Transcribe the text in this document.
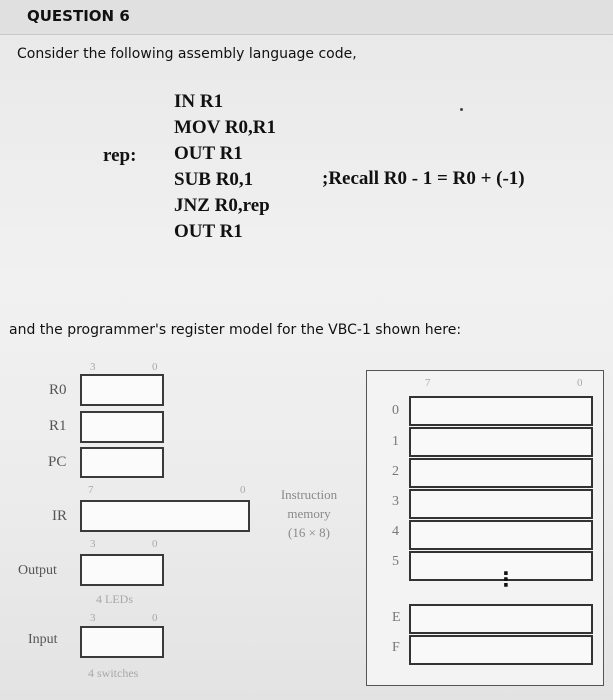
QUESTION 6
Consider the following assembly language code,
rep:
IN R1
MOV R0,R1
OUT R1
SUB R0,1
JNZ R0,rep
OUT R1
;Recall R0 - 1 = R0 + (-1)
and the programmer's register model for the VBC-1 shown here:
3	0
R0
R1
PC
7	0
IR
3	0
Output
4 LEDs
3	0
Input
4 switches
Instruction
memory
(16 × 8)
7	0
0
1
2
3
4
5
⋮
E
F
